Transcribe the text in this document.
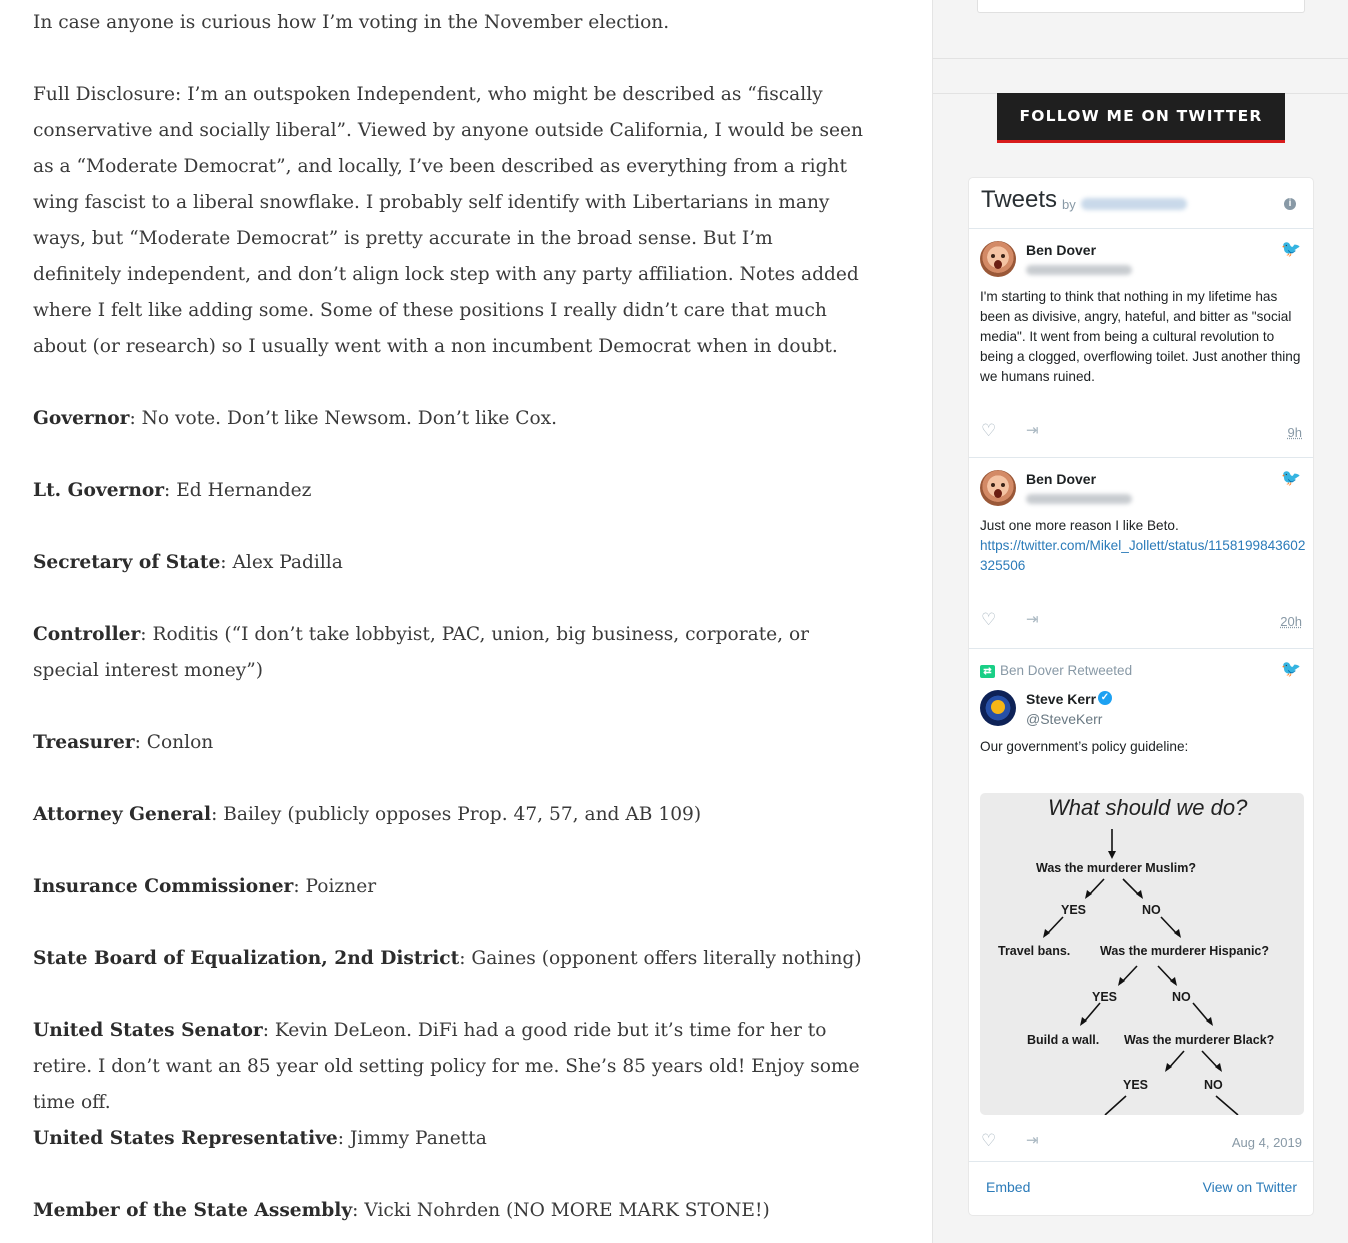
In case anyone is curious how I’m voting in the November election.

Full Disclosure: I’m an outspoken Independent, who might be described as “fiscally conservative and socially liberal”. Viewed by anyone outside California, I would be seen as a “Moderate Democrat”, and locally, I’ve been described as everything from a right wing fascist to a liberal snowflake. I probably self identify with Libertarians in many ways, but “Moderate Democrat” is pretty accurate in the broad sense. But I’m definitely independent, and don’t align lock step with any party affiliation. Notes added where I felt like adding some. Some of these positions I really didn’t care that much about (or research) so I usually went with a non incumbent Democrat when in doubt.

Governor: No vote. Don’t like Newsom. Don’t like Cox.

Lt. Governor: Ed Hernandez

Secretary of State: Alex Padilla

Controller: Roditis (“I don’t take lobbyist, PAC, union, big business, corporate, or special interest money”)

Treasurer: Conlon

Attorney General: Bailey (publicly opposes Prop. 47, 57, and AB 109)

Insurance Commissioner: Poizner

State Board of Equalization, 2nd District: Gaines (opponent offers literally nothing)

United States Senator: Kevin DeLeon. DiFi had a good ride but it’s time for her to retire. I don’t want an 85 year old setting policy for me. She’s 85 years old! Enjoy some time off.

United States Representative: Jimmy Panetta

Member of the State Assembly: Vicki Nohrden (NO MORE MARK STONE!)

FOLLOW ME ON TWITTER
Tweets by	i
Ben Dover	🐦
I'm starting to think that nothing in my lifetime has been as divisive, angry, hateful, and bitter as "social media". It went from being a cultural revolution to being a clogged, overflowing toilet. Just another thing we humans ruined.
♡ ⇥	9h
Ben Dover	🐦
Just one more reason I like Beto.
https://twitter.com/Mikel_Jollett/status/1158199843602325506
♡ ⇥	20h
⇄ Ben Dover Retweeted	🐦
Steve Kerr ✓
@SteveKerr
Our government’s policy guideline:
What should we do?
Was the murderer Muslim?
YES	NO
Travel bans. Was the murderer Hispanic?
YES	NO
Build a wall. Was the murderer Black?
YES	NO
♡ ⇥	Aug 4, 2019
Embed	View on Twitter
